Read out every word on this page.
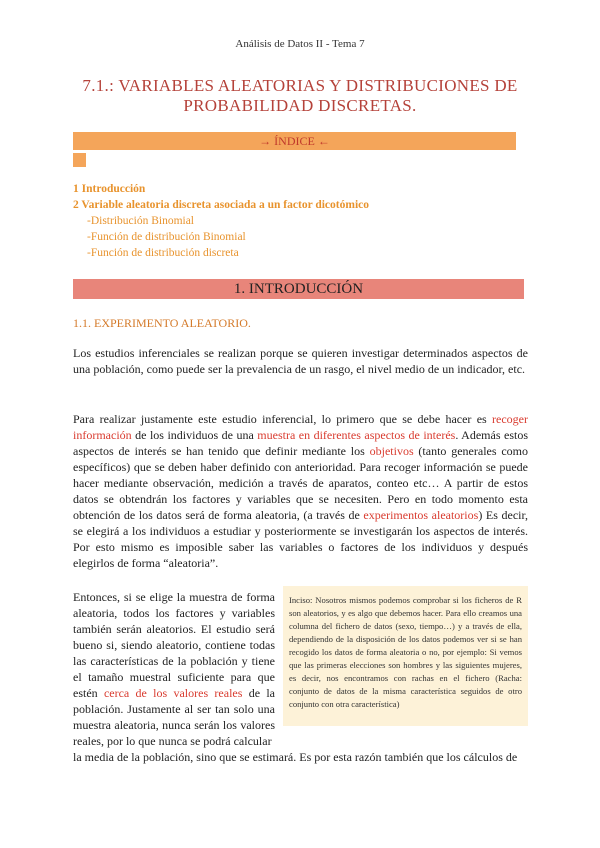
Análisis de Datos II - Tema 7
7.1.: VARIABLES ALEATORIAS Y DISTRIBUCIONES DE
PROBABILIDAD DISCRETAS.
→ ÍNDICE ←
1 Introducción
2 Variable aleatoria discreta asociada a un factor dicotómico
-Distribución Binomial
-Función de distribución Binomial
-Función de distribución discreta
1. INTRODUCCIÓN
1.1. EXPERIMENTO ALEATORIO.
Los estudios inferenciales se realizan porque se quieren investigar determinados aspectos de una población, como puede ser la prevalencia de un rasgo, el nivel medio de un indicador, etc.
Para realizar justamente este estudio inferencial, lo primero que se debe hacer es recoger información de los individuos de una muestra en diferentes aspectos de interés. Además estos aspectos de interés se han tenido que definir mediante los objetivos (tanto generales como específicos) que se deben haber definido con anterioridad. Para recoger información se puede hacer mediante observación, medición a través de aparatos, conteo etc… A partir de estos datos se obtendrán los factores y variables que se necesiten. Pero en todo momento esta obtención de los datos será de forma aleatoria, (a través de experimentos aleatorios) Es decir, se elegirá a los individuos a estudiar y posteriormente se investigarán los aspectos de interés. Por esto mismo es imposible saber las variables o factores de los individuos y después elegirlos de forma “aleatoria”.
Entonces, si se elige la muestra de forma aleatoria, todos los factores y variables también serán aleatorios. El estudio será bueno si, siendo aleatorio, contiene todas las características de la población y tiene el tamaño muestral suficiente para que estén cerca de los valores reales de la población. Justamente al ser tan solo una muestra aleatoria, nunca serán los valores reales, por lo que nunca se podrá calcular
Inciso: Nosotros mismos podemos comprobar si los ficheros de R son aleatorios, y es algo que debemos hacer. Para ello creamos una columna del fichero de datos (sexo, tiempo…) y a través de ella, dependiendo de la disposición de los datos podemos ver si se han recogido los datos de forma aleatoria o no, por ejemplo: Si vemos que las primeras elecciones son hombres y las siguientes mujeres, es decir, nos encontramos con rachas en el fichero (Racha: conjunto de datos de la misma característica seguidos de otro conjunto con otra característica)
la media de la población, sino que se estimará. Es por esta razón también que los cálculos de
